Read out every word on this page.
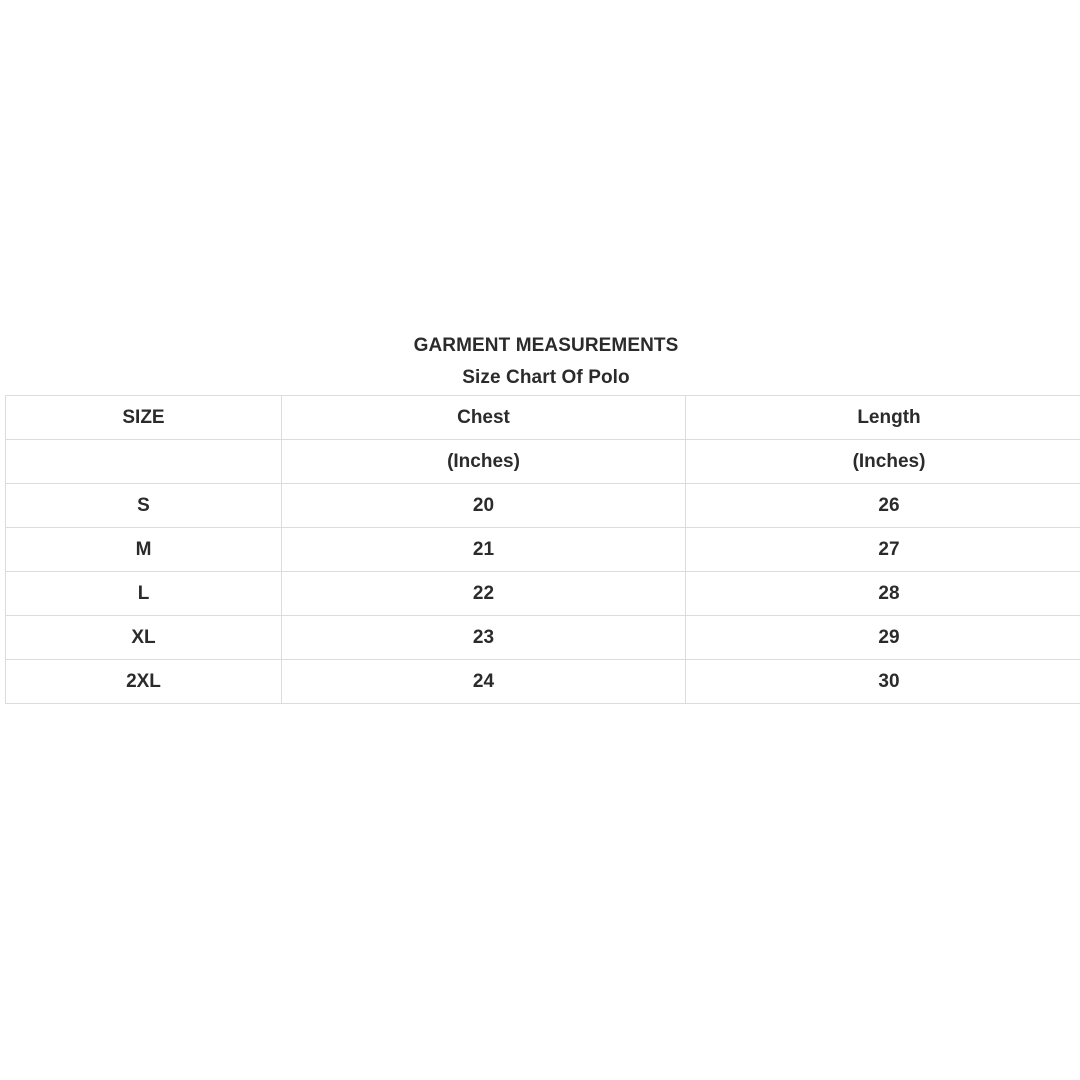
GARMENT MEASUREMENTS
Size Chart Of Polo
SIZE	Chest	Length
	(Inches)	(Inches)
S	20	26
M	21	27
L	22	28
XL	23	29
2XL	24	30
